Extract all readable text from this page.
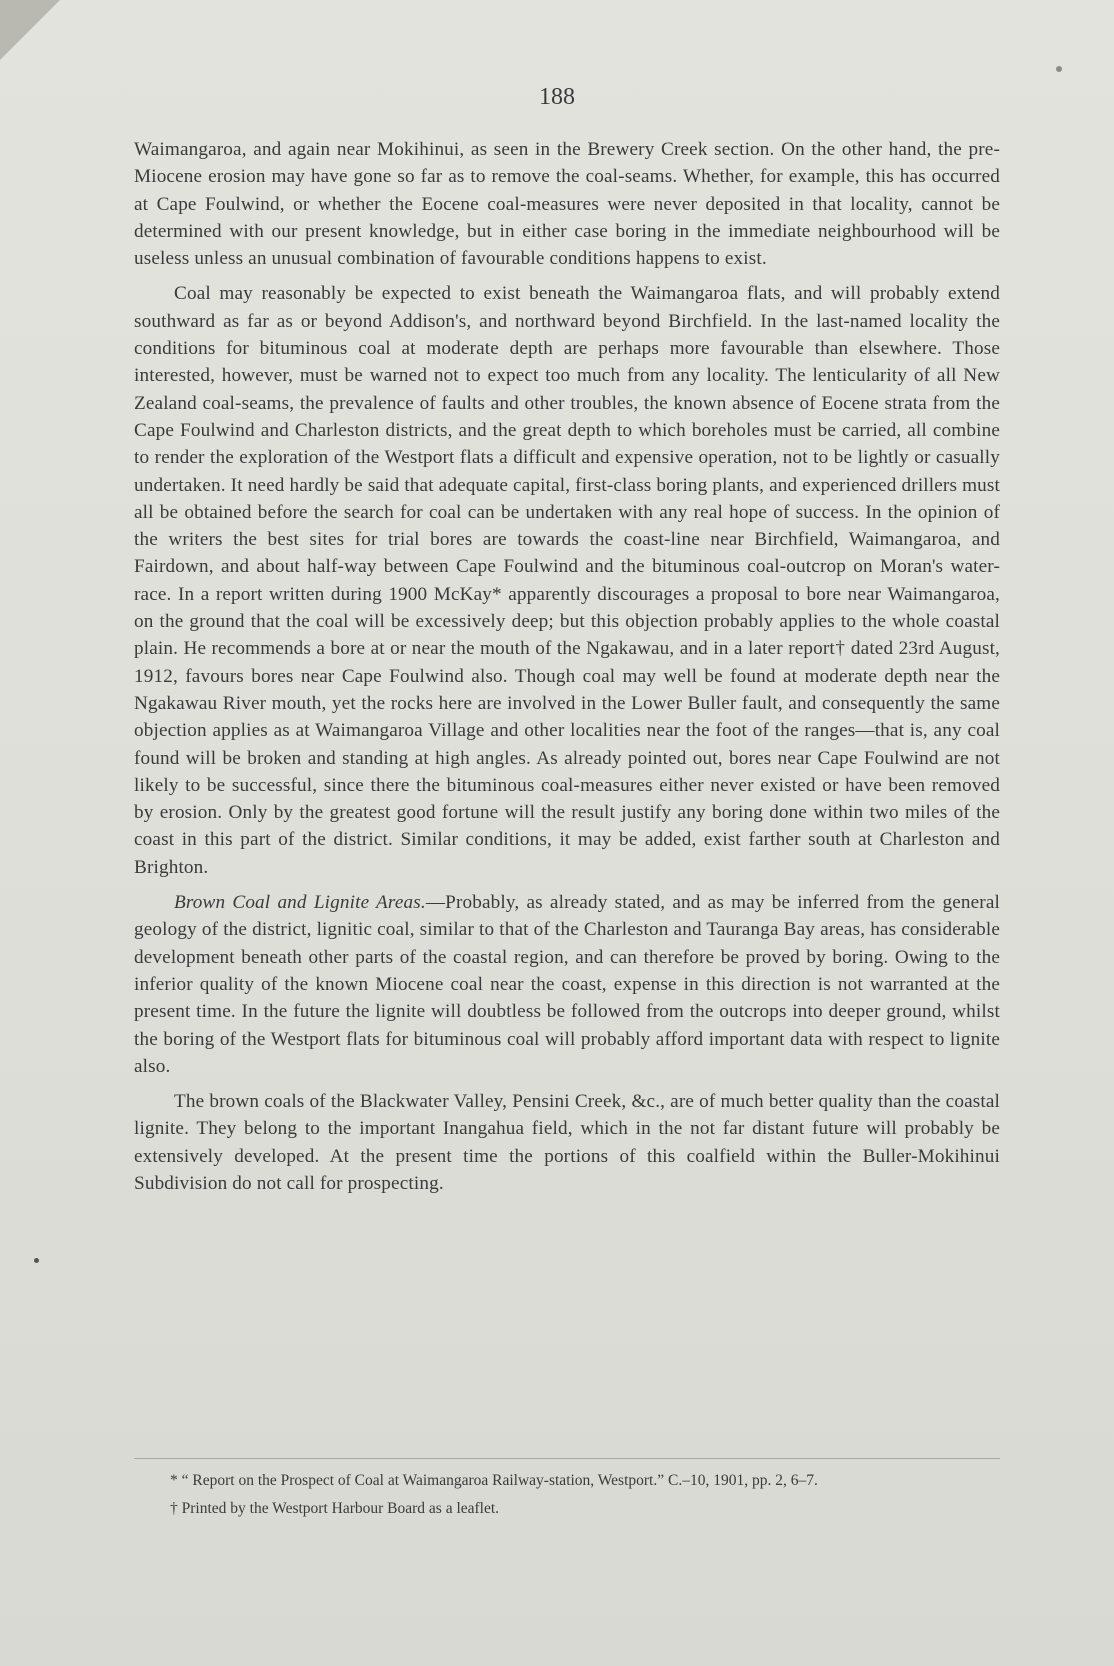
188

Waimangaroa, and again near Mokihinui, as seen in the Brewery Creek section. On the other hand, the pre-Miocene erosion may have gone so far as to remove the coal-seams. Whether, for example, this has occurred at Cape Foulwind, or whether the Eocene coal-measures were never deposited in that locality, cannot be determined with our present knowledge, but in either case boring in the immediate neighbourhood will be useless unless an unusual combination of favourable conditions happens to exist.

Coal may reasonably be expected to exist beneath the Waimangaroa flats, and will probably extend southward as far as or beyond Addison's, and northward beyond Birchfield. In the last-named locality the conditions for bituminous coal at moderate depth are perhaps more favourable than elsewhere. Those interested, however, must be warned not to expect too much from any locality. The lenticularity of all New Zealand coal-seams, the prevalence of faults and other troubles, the known absence of Eocene strata from the Cape Foulwind and Charleston districts, and the great depth to which boreholes must be carried, all combine to render the exploration of the Westport flats a difficult and expensive operation, not to be lightly or casually undertaken. It need hardly be said that adequate capital, first-class boring plants, and experienced drillers must all be obtained before the search for coal can be undertaken with any real hope of success. In the opinion of the writers the best sites for trial bores are towards the coast-line near Birchfield, Waimangaroa, and Fairdown, and about half-way between Cape Foulwind and the bituminous coal-outcrop on Moran's water-race. In a report written during 1900 McKay* apparently discourages a proposal to bore near Waimangaroa, on the ground that the coal will be excessively deep; but this objection probably applies to the whole coastal plain. He recommends a bore at or near the mouth of the Ngakawau, and in a later report† dated 23rd August, 1912, favours bores near Cape Foulwind also. Though coal may well be found at moderate depth near the Ngakawau River mouth, yet the rocks here are involved in the Lower Buller fault, and consequently the same objection applies as at Waimangaroa Village and other localities near the foot of the ranges—that is, any coal found will be broken and standing at high angles. As already pointed out, bores near Cape Foulwind are not likely to be successful, since there the bituminous coal-measures either never existed or have been removed by erosion. Only by the greatest good fortune will the result justify any boring done within two miles of the coast in this part of the district. Similar conditions, it may be added, exist farther south at Charleston and Brighton.

Brown Coal and Lignite Areas.—Probably, as already stated, and as may be inferred from the general geology of the district, lignitic coal, similar to that of the Charleston and Tauranga Bay areas, has considerable development beneath other parts of the coastal region, and can therefore be proved by boring. Owing to the inferior quality of the known Miocene coal near the coast, expense in this direction is not warranted at the present time. In the future the lignite will doubtless be followed from the outcrops into deeper ground, whilst the boring of the Westport flats for bituminous coal will probably afford important data with respect to lignite also.

The brown coals of the Blackwater Valley, Pensini Creek, &c., are of much better quality than the coastal lignite. They belong to the important Inangahua field, which in the not far distant future will probably be extensively developed. At the present time the portions of this coalfield within the Buller-Mokihinui Subdivision do not call for prospecting.

* “ Report on the Prospect of Coal at Waimangaroa Railway-station, Westport.” C.–10, 1901, pp. 2, 6–7.

† Printed by the Westport Harbour Board as a leaflet.
